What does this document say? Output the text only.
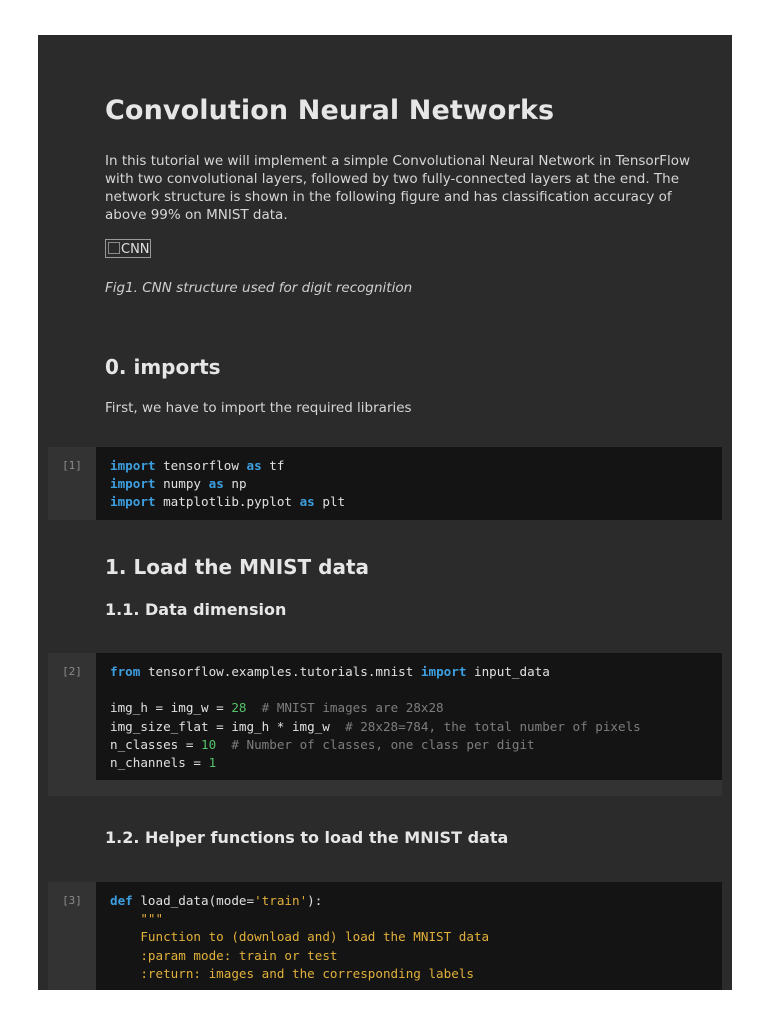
Convolution Neural Networks

In this tutorial we will implement a simple Convolutional Neural Network in TensorFlow with two convolutional layers, followed by two fully-connected layers at the end. The network structure is shown in the following figure and has classification accuracy of above 99% on MNIST data.

CNN

Fig1. CNN structure used for digit recognition

0. imports

First, we have to import the required libraries

[1]	import tensorflow as tf
import numpy as np
import matplotlib.pyplot as plt
1. Load the MNIST data
1.1. Data dimension
[2]	from tensorflow.examples.tutorials.mnist import input_data

img_h = img_w = 28 # MNIST images are 28x28
img_size_flat = img_h * img_w # 28x28=784, the total number of pixels
n_classes = 10 # Number of classes, one class per digit
n_channels = 1
1.2. Helper functions to load the MNIST data
[3]	def load_data(mode='train'):
"""
Function to (download and) load the MNIST data
:param mode: train or test
:return: images and the corresponding labels
